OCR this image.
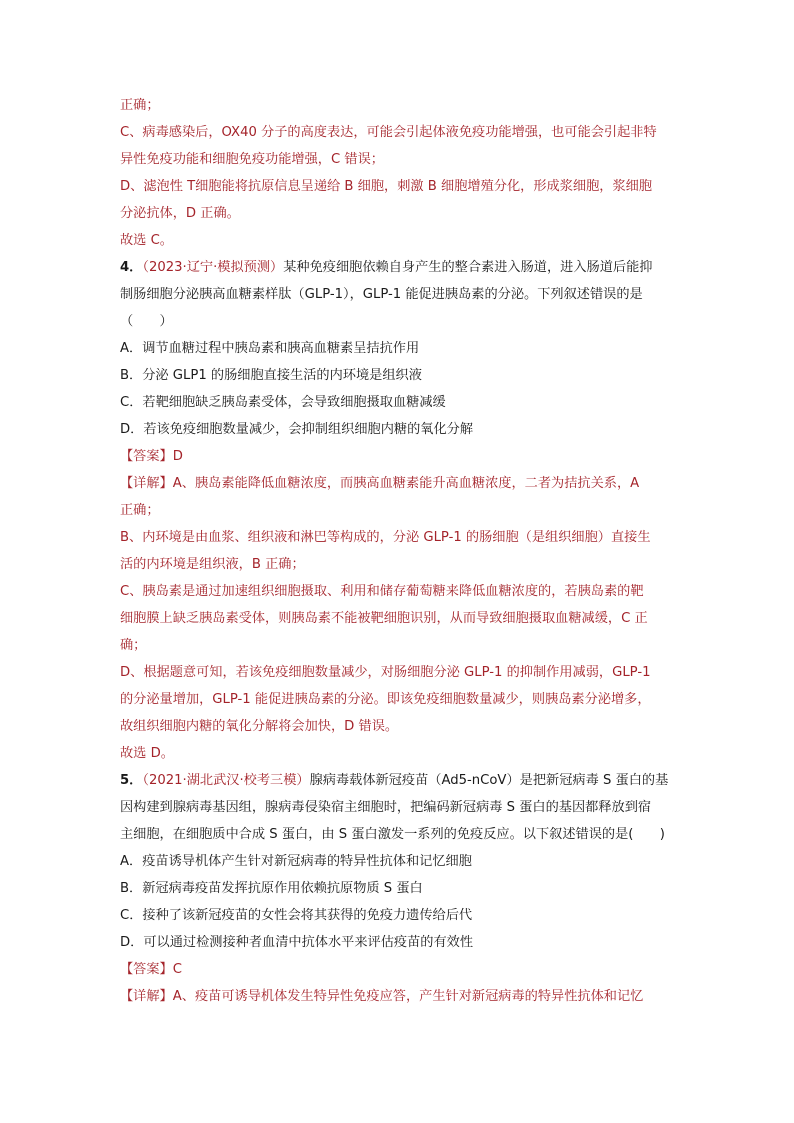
正确；
C、病毒感染后，OX40 分子的高度表达，可能会引起体液免疫功能增强，也可能会引起非特
异性免疫功能和细胞免疫功能增强，C 错误；
D、滤泡性 T细胞能将抗原信息呈递给 B 细胞，刺激 B 细胞增殖分化，形成浆细胞，浆细胞
分泌抗体，D 正确。
故选 C。
4．（2023·辽宁·模拟预测）某种免疫细胞依赖自身产生的整合素进入肠道，进入肠道后能抑
制肠细胞分泌胰高血糖素样肽（GLP-1），GLP-1 能促进胰岛素的分泌。下列叙述错误的是
（　　）
A．调节血糖过程中胰岛素和胰高血糖素呈拮抗作用
B．分泌 GLP1 的肠细胞直接生活的内环境是组织液
C．若靶细胞缺乏胰岛素受体，会导致细胞摄取血糖减缓
D．若该免疫细胞数量减少，会抑制组织细胞内糖的氧化分解
【答案】D
【详解】A、胰岛素能降低血糖浓度，而胰高血糖素能升高血糖浓度，二者为拮抗关系，A
正确；
B、内环境是由血浆、组织液和淋巴等构成的，分泌 GLP-1 的肠细胞（是组织细胞）直接生
活的内环境是组织液，B 正确；
C、胰岛素是通过加速组织细胞摄取、利用和储存葡萄糖来降低血糖浓度的，若胰岛素的靶
细胞膜上缺乏胰岛素受体，则胰岛素不能被靶细胞识别，从而导致细胞摄取血糖减缓，C 正
确；
D、根据题意可知，若该免疫细胞数量减少，对肠细胞分泌 GLP-1 的抑制作用减弱，GLP-1
的分泌量增加，GLP-1 能促进胰岛素的分泌。即该免疫细胞数量减少，则胰岛素分泌增多，
故组织细胞内糖的氧化分解将会加快，D 错误。
故选 D。
5．（2021·湖北武汉·校考三模）腺病毒载体新冠疫苗（Ad5-nCoV）是把新冠病毒 S 蛋白的基
因构建到腺病毒基因组，腺病毒侵染宿主细胞时，把编码新冠病毒 S 蛋白的基因都释放到宿
主细胞，在细胞质中合成 S 蛋白，由 S 蛋白激发一系列的免疫反应。以下叙述错误的是(　　)
A．疫苗诱导机体产生针对新冠病毒的特异性抗体和记忆细胞
B．新冠病毒疫苗发挥抗原作用依赖抗原物质 S 蛋白
C．接种了该新冠疫苗的女性会将其获得的免疫力遗传给后代
D．可以通过检测接种者血清中抗体水平来评估疫苗的有效性
【答案】C
【详解】A、疫苗可诱导机体发生特异性免疫应答，产生针对新冠病毒的特异性抗体和记忆
